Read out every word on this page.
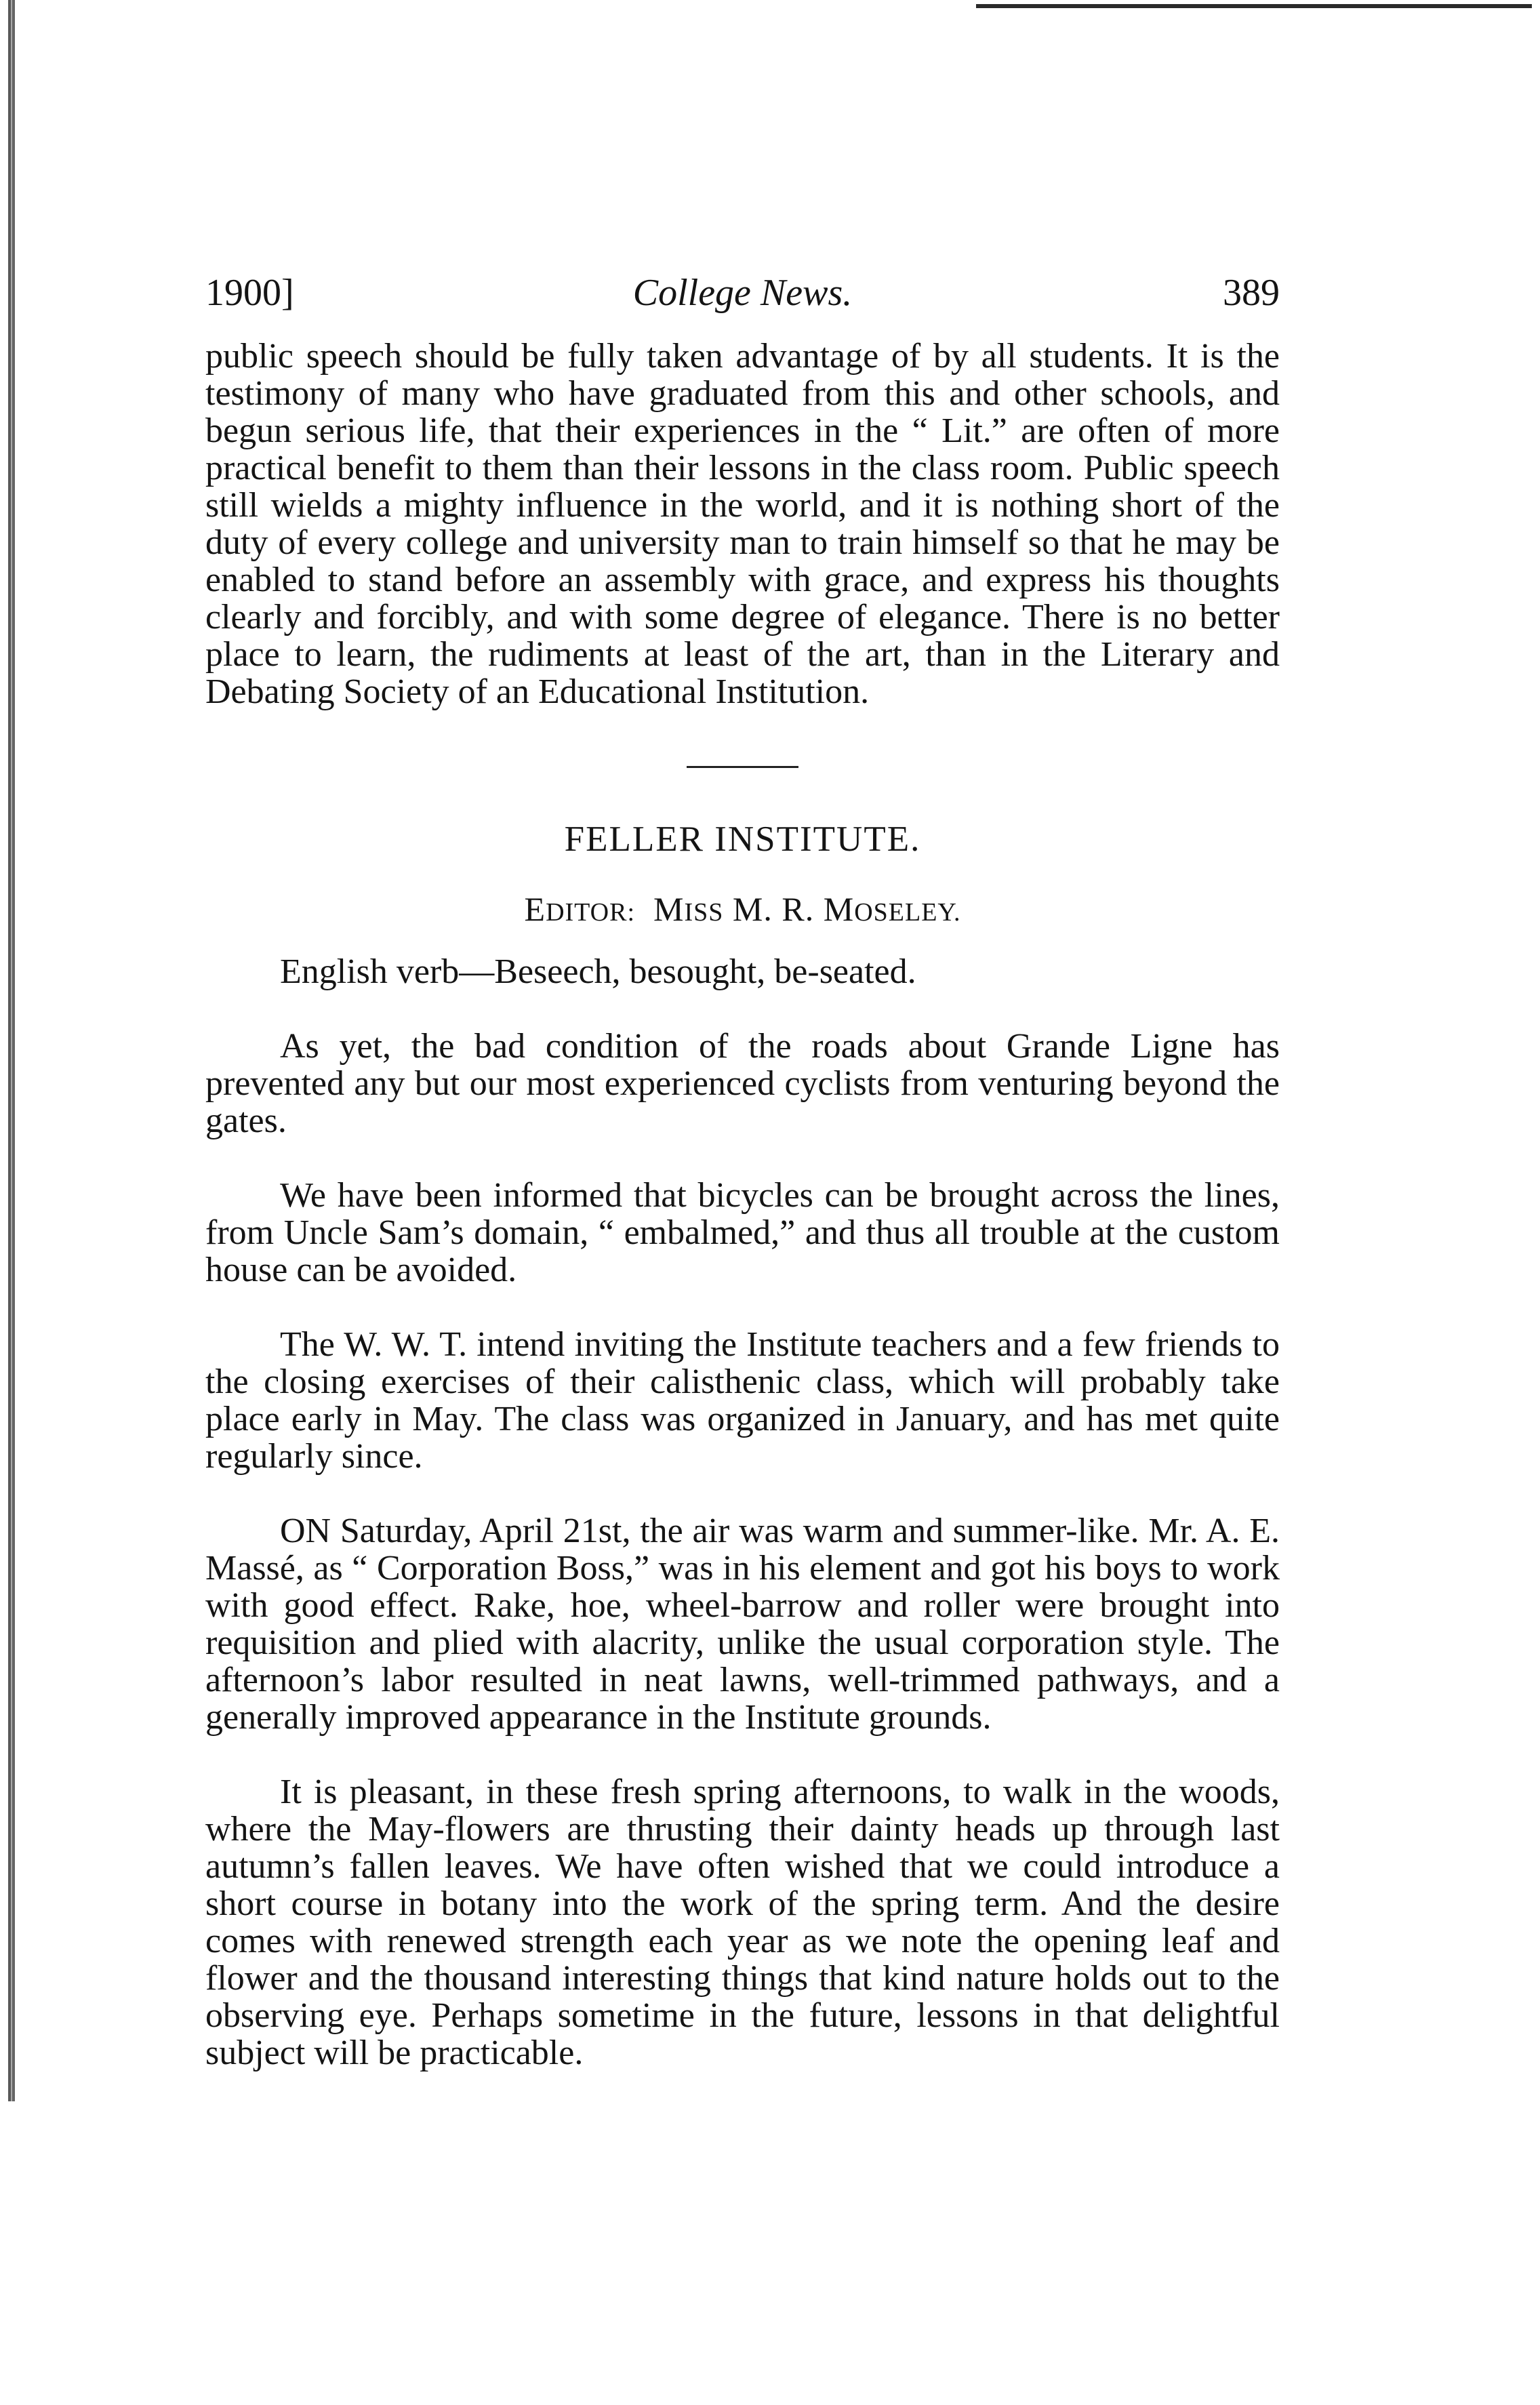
1900]	College News.	389

public speech should be fully taken advantage of by all students. It is the testimony of many who have graduated from this and other schools, and begun serious life, that their experiences in the “ Lit.” are often of more practical benefit to them than their lessons in the class room. Public speech still wields a mighty influence in the world, and it is nothing short of the duty of every college and university man to train himself so that he may be enabled to stand before an assembly with grace, and express his thoughts clearly and forcibly, and with some degree of elegance. There is no better place to learn, the rudiments at least of the art, than in the Literary and Debating Society of an Educational Institution.

FELLER INSTITUTE.
EDITOR: MISS M. R. MOSELEY.

English verb—Beseech, besought, be-seated.

As yet, the bad condition of the roads about Grande Ligne has prevented any but our most experienced cyclists from venturing beyond the gates.

We have been informed that bicycles can be brought across the lines, from Uncle Sam’s domain, “ embalmed,” and thus all trouble at the custom house can be avoided.

The W. W. T. intend inviting the Institute teachers and a few friends to the closing exercises of their calisthenic class, which will probably take place early in May. The class was organized in January, and has met quite regularly since.

ON Saturday, April 21st, the air was warm and summer-like. Mr. A. E. Massé, as “ Corporation Boss,” was in his element and got his boys to work with good effect. Rake, hoe, wheel-barrow and roller were brought into requisition and plied with alacrity, unlike the usual corporation style. The afternoon’s labor resulted in neat lawns, well-trimmed pathways, and a generally improved appearance in the Institute grounds.

It is pleasant, in these fresh spring afternoons, to walk in the woods, where the May-flowers are thrusting their dainty heads up through last autumn’s fallen leaves. We have often wished that we could introduce a short course in botany into the work of the spring term. And the desire comes with renewed strength each year as we note the opening leaf and flower and the thousand interesting things that kind nature holds out to the observing eye. Perhaps sometime in the future, lessons in that delightful subject will be practicable.
